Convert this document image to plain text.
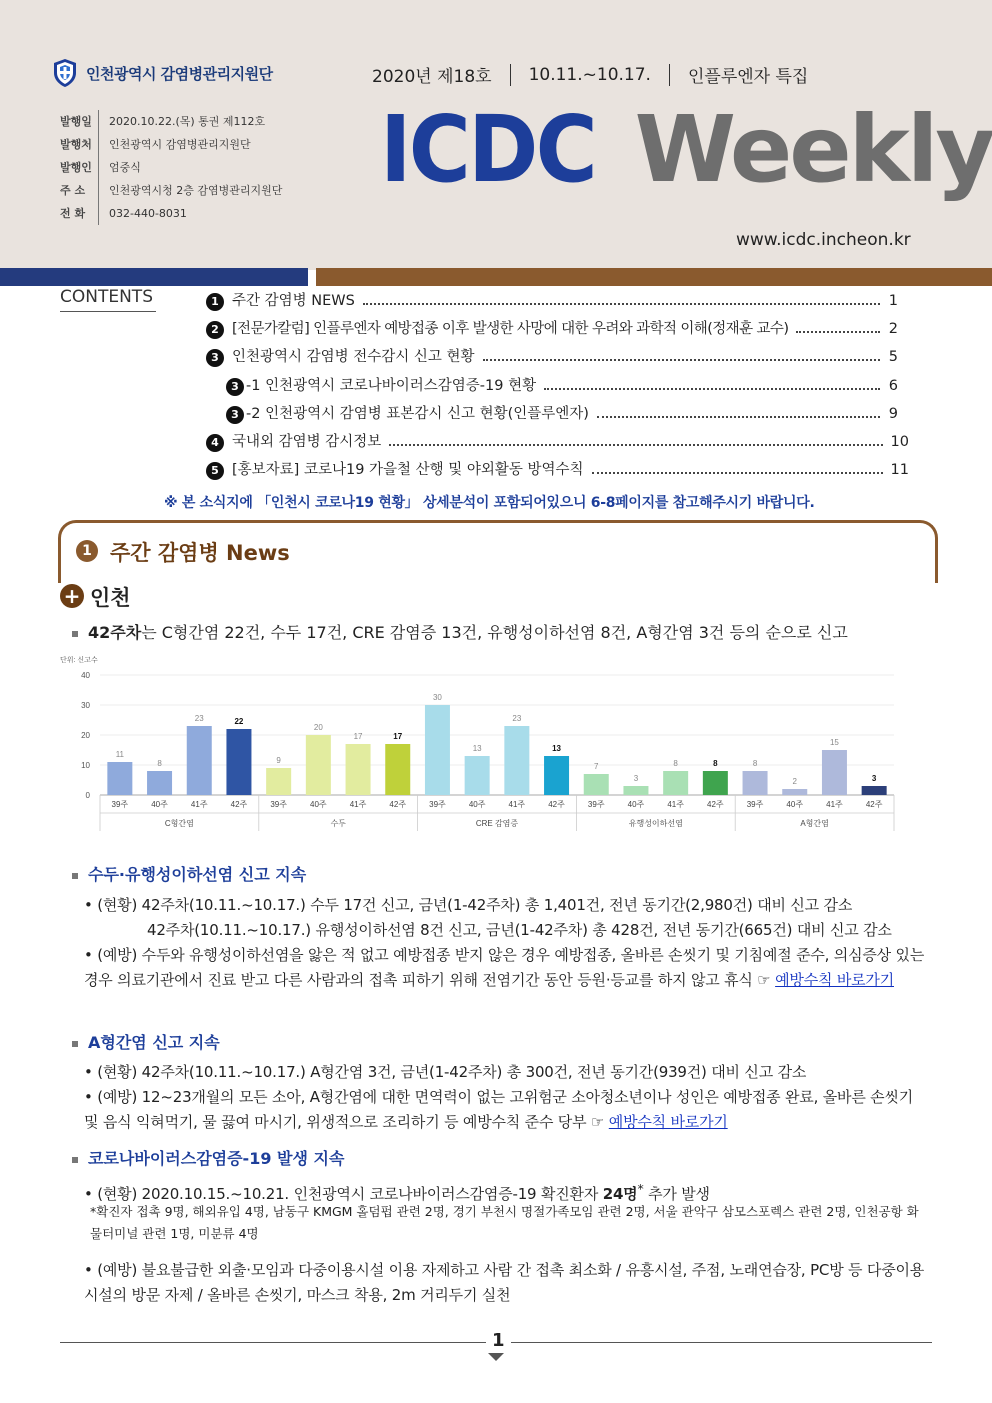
인천광역시 감염병관리지원단
발행일	2020.10.22.(목) 통권 제112호
발행처	인천광역시 감염병관리지원단
발행인	엄중식
주 소	인천광역시청 2층 감염병관리지원단
전 화	032-440-8031
2020년 제18호 10.11.~10.17. 인플루엔자 특집
ICDC Weekly
www.icdc.incheon.kr
CONTENTS	1 주간 감염병 NEWS	1
2 [전문가칼럼] 인플루엔자 예방접종 이후 발생한 사망에 대한 우려와 과학적 이해(정재훈 교수)	2
3 인천광역시 감염병 전수감시 신고 현황	5
3 -1 인천광역시 코로나바이러스감염증-19 현황	6
3 -2 인천광역시 감염병 표본감시 신고 현황(인플루엔자)	9
4 국내외 감염병 감시정보	10
5 [홍보자료] 코로나19 가을철 산행 및 야외활동 방역수칙	11
※ 본 소식지에 「인천시 코로나19 현황」 상세분석이 포함되어있으니 6-8페이지를 참고해주시기 바랍니다.
1 주간 감염병 News
+ 인천
42주차는 C형간염 22건, 수두 17건, CRE 감염증 13건, 유행성이하선염 8건, A형간염 3건 등의 순으로 신고
단위: 신고수
0
10
20
30
40
11
39주
8
40주
23
41주
22
42주
C형간염
9
39주
20
40주
17
41주
17
42주
수두
30
39주
13
40주
23
41주
13
42주
CRE 감염증
7
39주
3
40주
8
41주
8
42주
유행성이하선염
8
39주
2
40주
15
41주
3
42주
A형간염
수두·유행성이하선염 신고 지속
• (현황) 42주차(10.11.~10.17.) 수두 17건 신고, 금년(1-42주차) 총 1,401건, 전년 동기간(2,980건) 대비 신고 감소
42주차(10.11.~10.17.) 유행성이하선염 8건 신고, 금년(1-42주차) 총 428건, 전년 동기간(665건) 대비 신고 감소
• (예방) 수두와 유행성이하선염을 앓은 적 없고 예방접종 받지 않은 경우 예방접종, 올바른 손씻기 및 기침예절 준수, 의심증상 있는 경우 의료기관에서 진료 받고 다른 사람과의 접촉 피하기 위해 전염기간 동안 등원·등교를 하지 않고 휴식 ☞ 예방수칙 바로가기
A형간염 신고 지속
• (현황) 42주차(10.11.~10.17.) A형간염 3건, 금년(1-42주차) 총 300건, 전년 동기간(939건) 대비 신고 감소
• (예방) 12~23개월의 모든 소아, A형간염에 대한 면역력이 없는 고위험군 소아청소년이나 성인은 예방접종 완료, 올바른 손씻기 및 음식 익혀먹기, 물 끓여 마시기, 위생적으로 조리하기 등 예방수칙 준수 당부 ☞ 예방수칙 바로가기
코로나바이러스감염증-19 발생 지속
• (현황) 2020.10.15.~10.21. 인천광역시 코로나바이러스감염증-19 확진환자 24명* 추가 발생
*확진자 접촉 9명, 해외유입 4명, 남동구 KMGM 홀덤펍 관련 2명, 경기 부천시 명절가족모임 관련 2명, 서울 관악구 삼모스포렉스 관련 2명, 인천공항 화물터미널 관련 1명, 미분류 4명
• (예방) 불요불급한 외출·모임과 다중이용시설 이용 자제하고 사람 간 접촉 최소화 / 유흥시설, 주점, 노래연습장, PC방 등 다중이용시설의 방문 자제 / 올바른 손씻기, 마스크 착용, 2m 거리두기 실천
1
